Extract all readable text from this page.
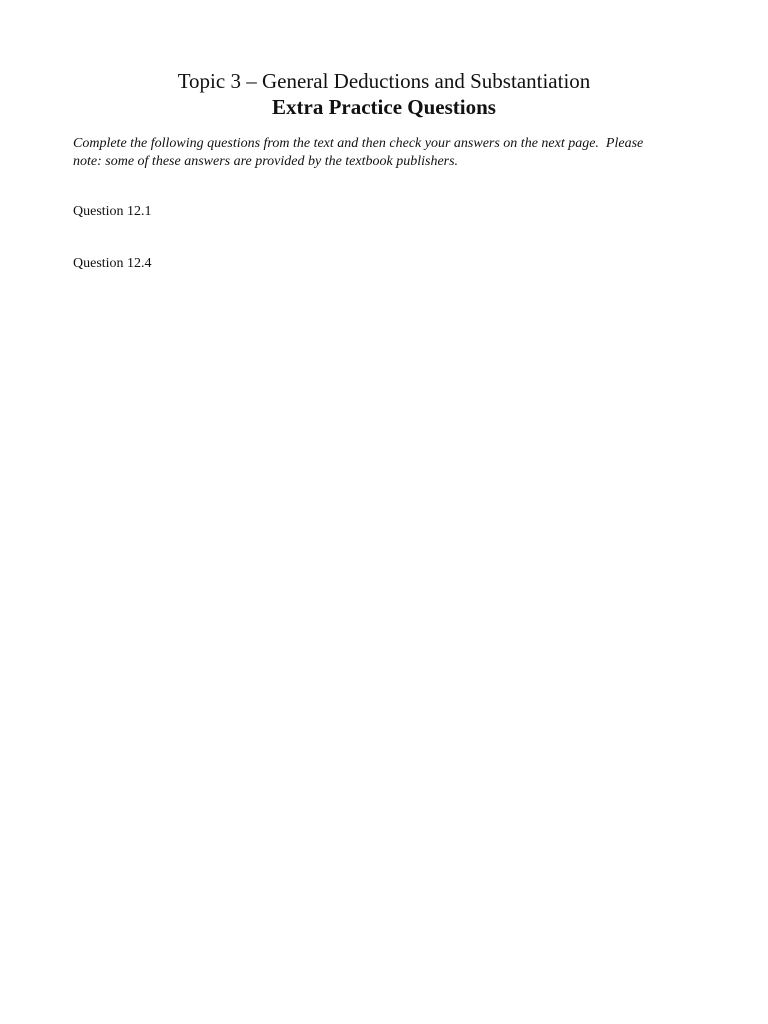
Topic 3 – General Deductions and Substantiation
Extra Practice Questions
Complete the following questions from the text and then check your answers on the next page.  Please
note: some of these answers are provided by the textbook publishers.
Question 12.1
Question 12.4
